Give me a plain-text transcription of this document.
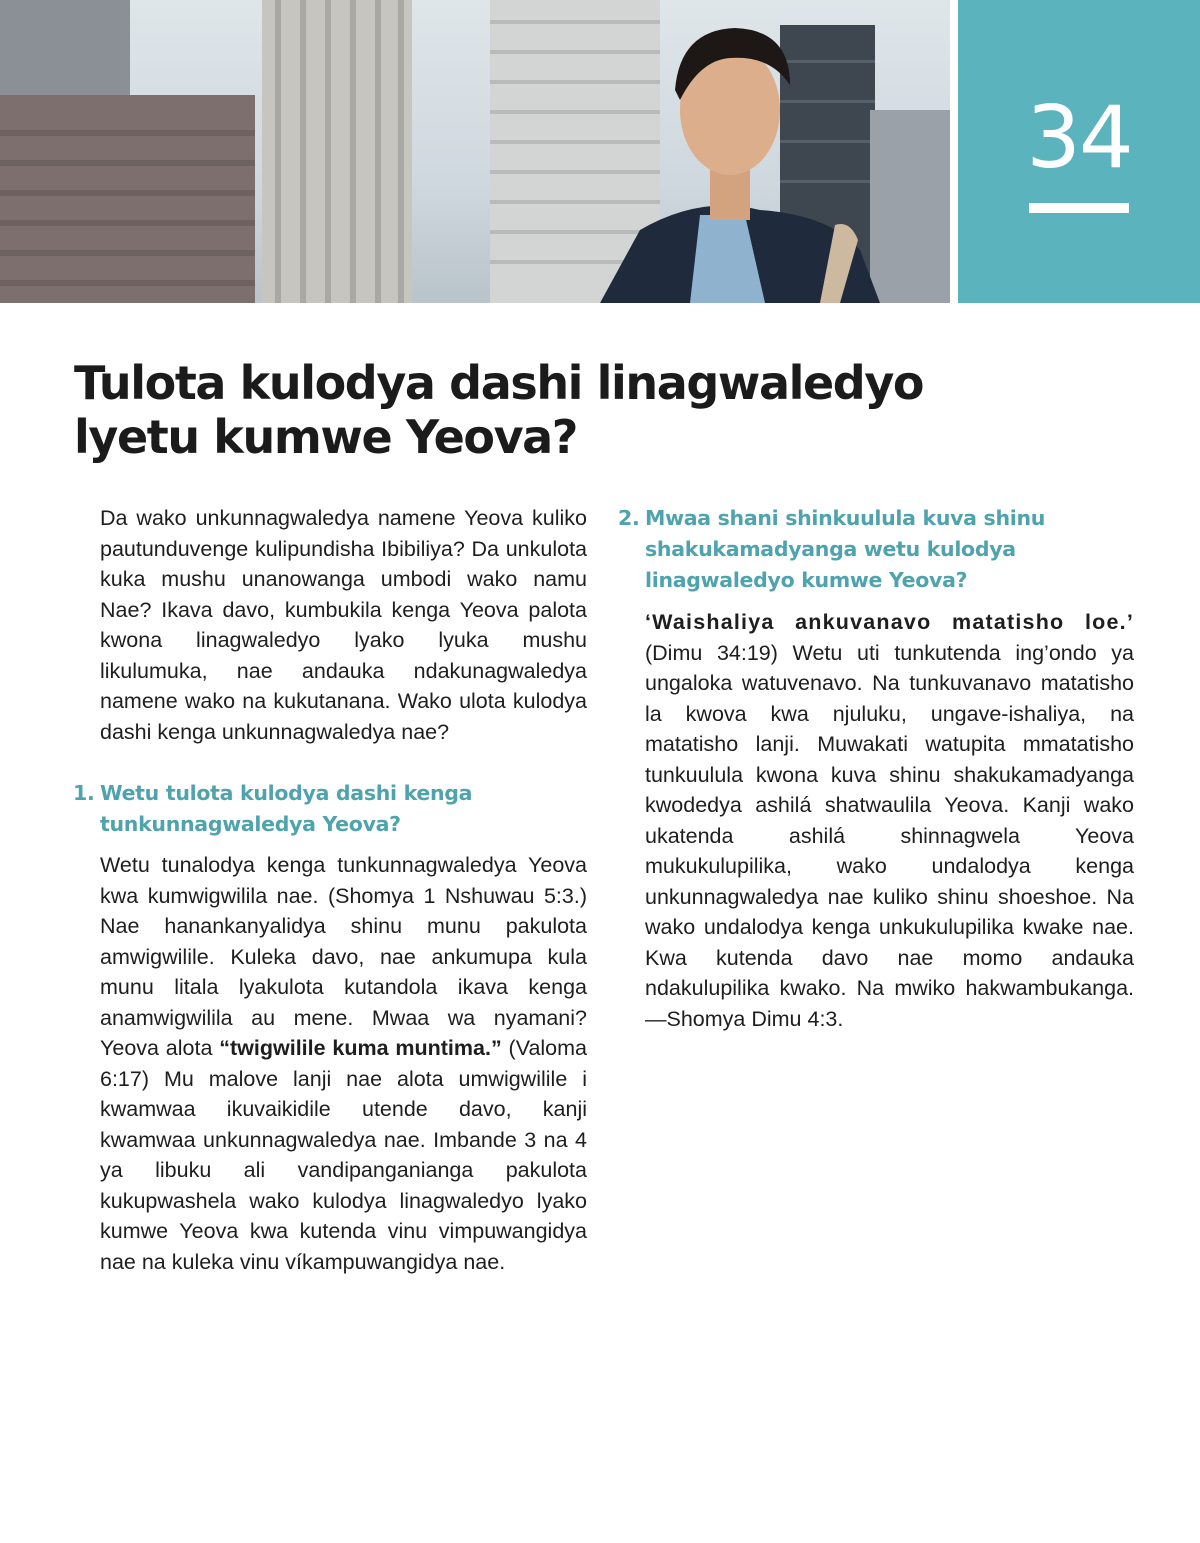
34
Tulota kulodya dashi linagwaledyo
lyetu kumwe Yeova?

Da wako unkunnagwaledya namene Yeova kuliko pautunduvenge kulipundisha Ibibiliya? Da unkulota kuka mushu unanowanga umbodi wako namu Nae? Ikava davo, kumbukila kenga Yeova palota kwona linagwaledyo lyako lyuka mushu likulumuka, nae andauka ndakunagwaledya namene wako na kukutanana. Wako ulota kulodya dashi kenga unkunnagwaledya nae?

1. Wetu tulota kulodya dashi kenga tunkunnagwaledya Yeova?

Wetu tunalodya kenga tunkunnagwaledya Yeova kwa kumwigwilila nae. (Shomya 1 Nshuwau 5:3.) Nae hanankanyalidya shinu munu pakulota amwigwilile. Kuleka davo, nae ankumupa kula munu litala lyakulota kutandola ikava kenga anamwigwilila au mene. Mwaa wa nyamani? Yeova alota “twigwilile kuma muntima.” (Valoma 6:17) Mu malove lanji nae alota umwigwilile i kwamwaa ikuvaikidile utende davo, kanji kwamwaa unkunnagwaledya nae. Imbande 3 na 4 ya libuku ali vandipanganianga pakulota kukupwashela wako kulodya linagwaledyo lyako kumwe Yeova kwa kutenda vinu vimpuwangidya nae na kuleka vinu víkampuwangidya nae.

2. Mwaa shani shinkuulula kuva shinu shakukamadyanga wetu kulodya linagwaledyo kumwe Yeova?

‘Waishaliya ankuvanavo matatisho loe.’ (Dimu 34:19) Wetu uti tunkutenda ing’ondo ya ungaloka watuvenavo. Na tunkuvanavo matatisho la kwova kwa njuluku, ungave-ishaliya, na matatisho lanji. Muwakati watupita mmatatisho tunkuulula kwona kuva shinu shakukamadyanga kwodedya ashilá shatwaulila Yeova. Kanji wako ukatenda ashilá shinnagwela Yeova mukukulupilika, wako undalodya kenga unkunnagwaledya nae kuliko shinu shoeshoe. Na wako undalodya kenga unkukulupilika kwake nae. Kwa kutenda davo nae momo andauka ndakulupilika kwako. Na mwiko hakwambukanga.—Shomya Dimu 4:3.
